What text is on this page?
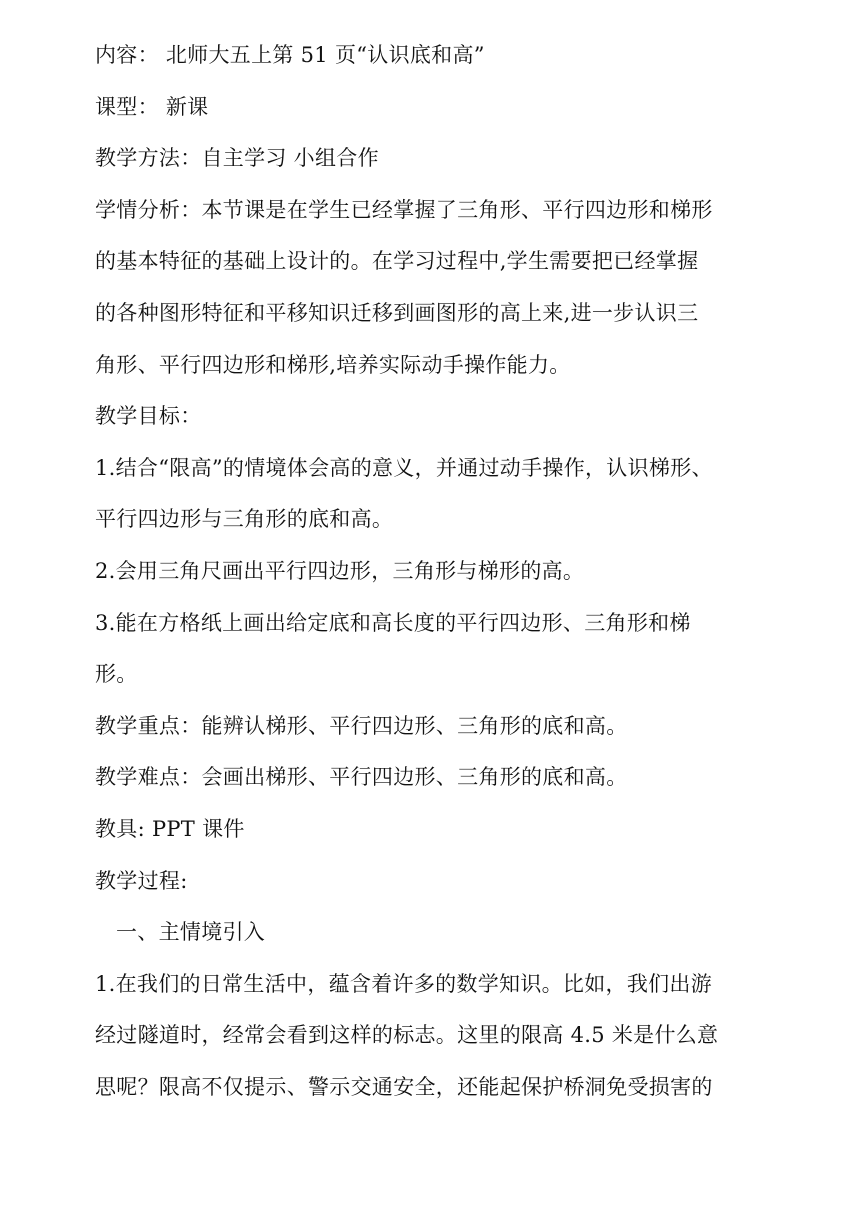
内容： 北师大五上第 51 页“认识底和高”
课型： 新课
教学方法：自主学习 小组合作
学情分析：本节课是在学生已经掌握了三角形、平行四边形和梯形
的基本特征的基础上设计的。在学习过程中,学生需要把已经掌握
的各种图形特征和平移知识迁移到画图形的高上来,进一步认识三
角形、平行四边形和梯形,培养实际动手操作能力。
教学目标：
1.结合“限高”的情境体会高的意义，并通过动手操作，认识梯形、
平行四边形与三角形的底和高。
2.会用三角尺画出平行四边形，三角形与梯形的高。
3.能在方格纸上画出给定底和高长度的平行四边形、三角形和梯
形。
教学重点：能辨认梯形、平行四边形、三角形的底和高。
教学难点：会画出梯形、平行四边形、三角形的底和高。
教具: PPT 课件
教学过程:
一、主情境引入
1.在我们的日常生活中，蕴含着许多的数学知识。比如，我们出游
经过隧道时，经常会看到这样的标志。这里的限高 4.5 米是什么意
思呢？限高不仅提示、警示交通安全，还能起保护桥洞免受损害的
